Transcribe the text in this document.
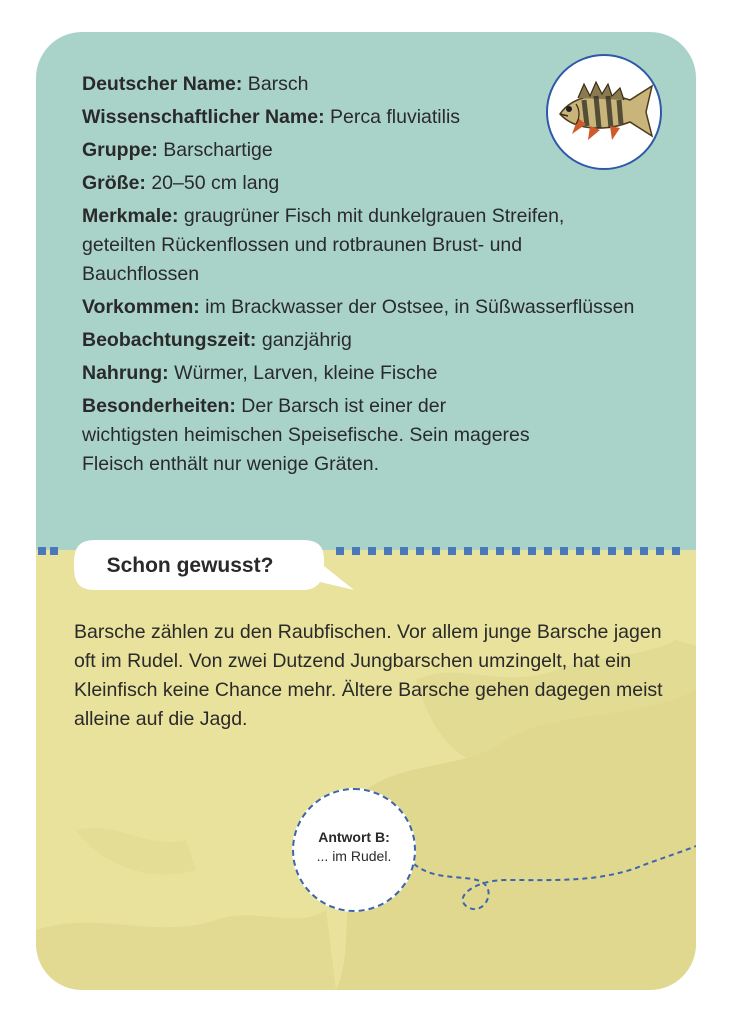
Deutscher Name: Barsch

Wissenschaftlicher Name: Perca fluviatilis

Gruppe: Barschartige

Größe: 20–50 cm lang

Merkmale: graugrüner Fisch mit dunkelgrauen Streifen, geteilten Rückenflossen und rotbraunen Brust- und Bauchflossen

Vorkommen: im Brackwasser der Ostsee, in Süßwasserflüssen

Beobachtungszeit: ganzjährig

Nahrung: Würmer, Larven, kleine Fische

Besonderheiten: Der Barsch ist einer der wichtigsten heimischen Speisefische. Sein mageres Fleisch enthält nur wenige Gräten.

Schon gewusst?
Barsche zählen zu den Raubfischen. Vor allem junge Barsche jagen oft im Rudel. Von zwei Dutzend Jungbarschen umzingelt, hat ein Kleinfisch keine Chance mehr. Ältere Barsche gehen dagegen meist alleine auf die Jagd.
Antwort B:
... im Rudel.
